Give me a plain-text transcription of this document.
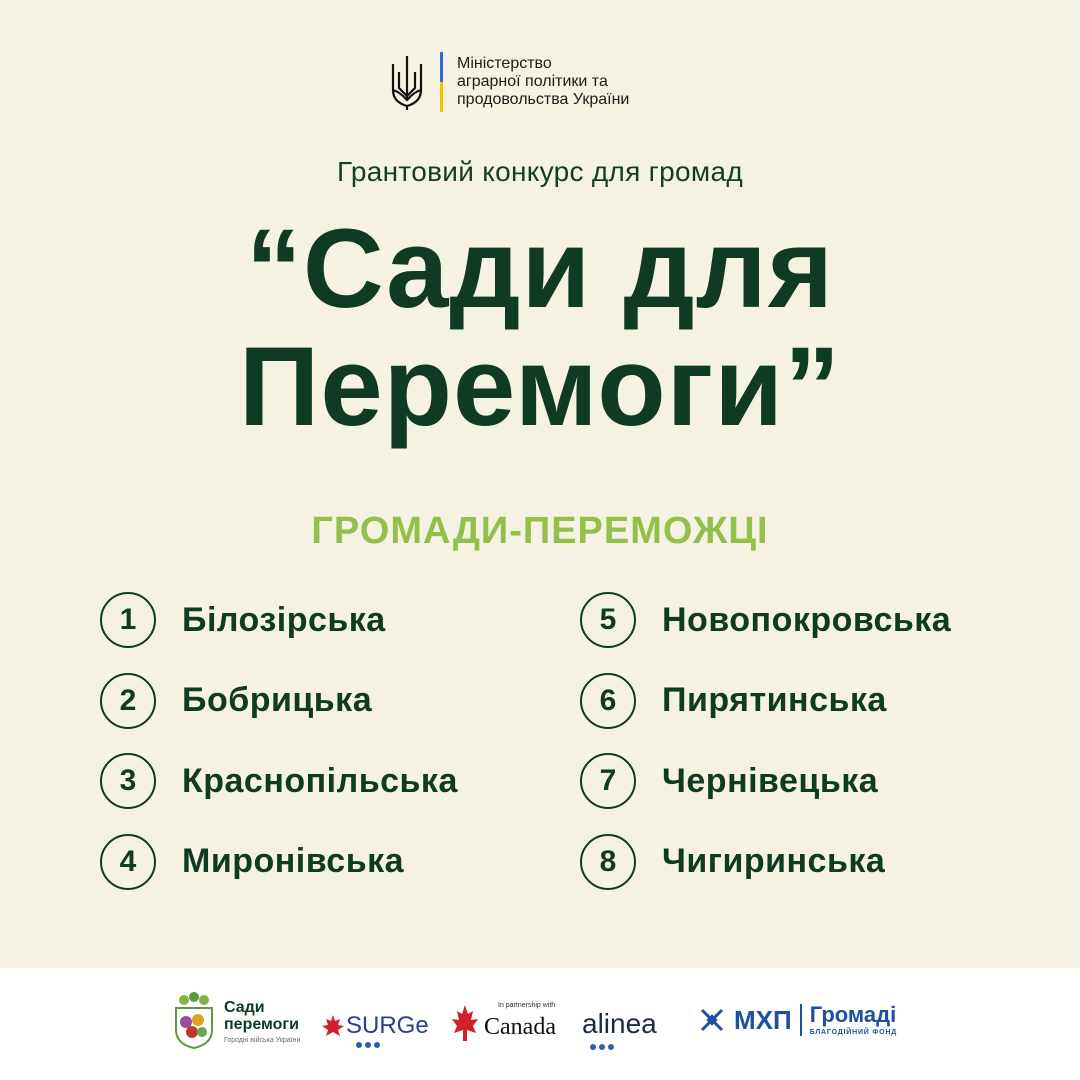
Міністерство
аграрної політики та
продовольства України
Грантовий конкурс для громад
“Сади для
Перемоги”
ГРОМАДИ-ПЕРЕМОЖЦІ
1	Білозірська
2	Бобрицька
3	Краснопільська
4	Миронівська
5	Новопокровська
6	Пирятинська
7	Чернівецька
8	Чигиринська
Сади
перемоги
Городні війська України
SURGe
In partnership with
Canada alinea	МХП Громаді
БЛАГОДІЙНИЙ ФОНД
